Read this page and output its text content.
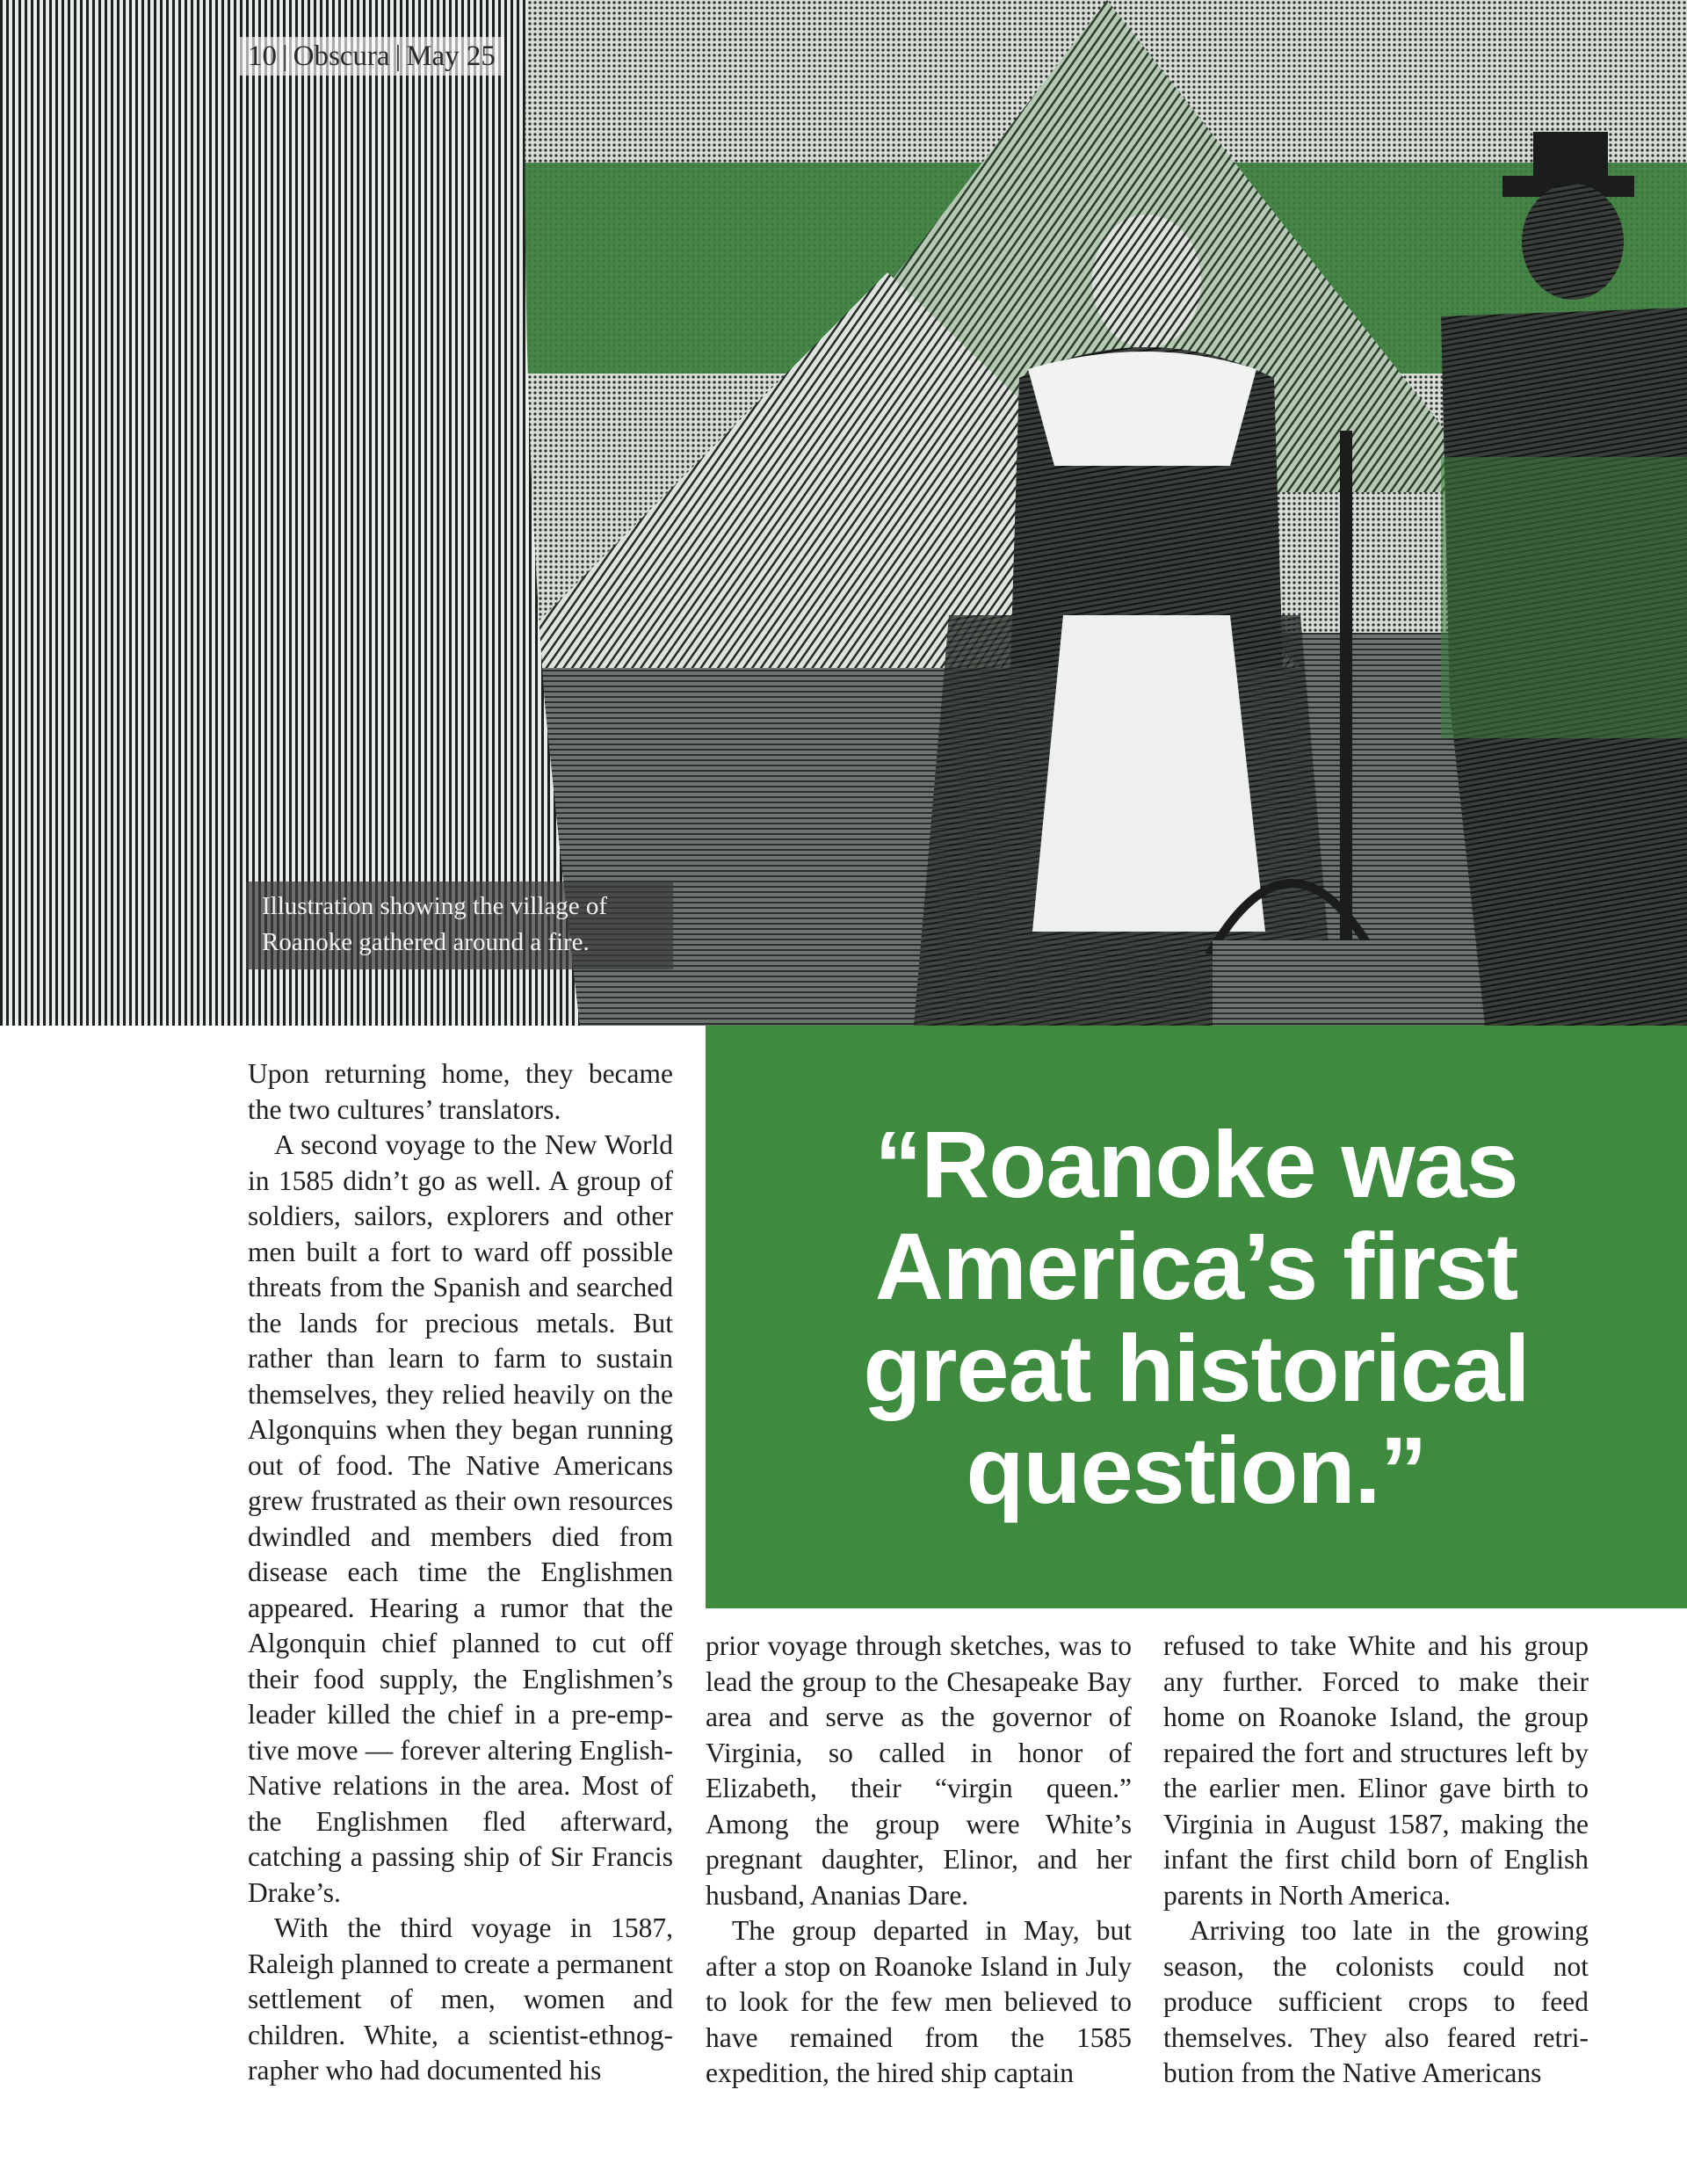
10 | Obscura | May 25
Illustration showing the village of Roanoke gathered around a fire.

“Roanoke was America’s first great historical question.”

Upon returning home, they became the two cultures’ translators.

A second voyage to the New World in 1585 didn’t go as well. A group of soldiers, sailors, explorers and other men built a fort to ward off possible threats from the Spanish and searched the lands for precious metals. But rather than learn to farm to sustain themselves, they relied heavily on the Algonquins when they began running out of food. The Native Americans grew frustrated as their own resources dwindled and members died from disease each time the Englishmen appeared. Hearing a rumor that the Algonquin chief planned to cut off their food supply, the Englishmen’s leader killed the chief in a pre-emptive move — forever altering English-Native relations in the area. Most of the Englishmen fled afterward, catching a passing ship of Sir Francis Drake’s.

With the third voyage in 1587, Raleigh planned to create a permanent settlement of men, women and children. White, a scientist-ethnographer who had documented his

prior voyage through sketches, was to lead the group to the Chesapeake Bay area and serve as the governor of Virginia, so called in honor of Elizabeth, their “virgin queen.” Among the group were White’s pregnant daughter, Elinor, and her husband, Ananias Dare.

The group departed in May, but after a stop on Roanoke Island in July to look for the few men believed to have remained from the 1585 expedition, the hired ship captain

refused to take White and his group any further. Forced to make their home on Roanoke Island, the group repaired the fort and structures left by the earlier men. Elinor gave birth to Virginia in August 1587, making the infant the first child born of English parents in North America.

Arriving too late in the growing season, the colonists could not produce sufficient crops to feed themselves. They also feared retribution from the Native Americans
